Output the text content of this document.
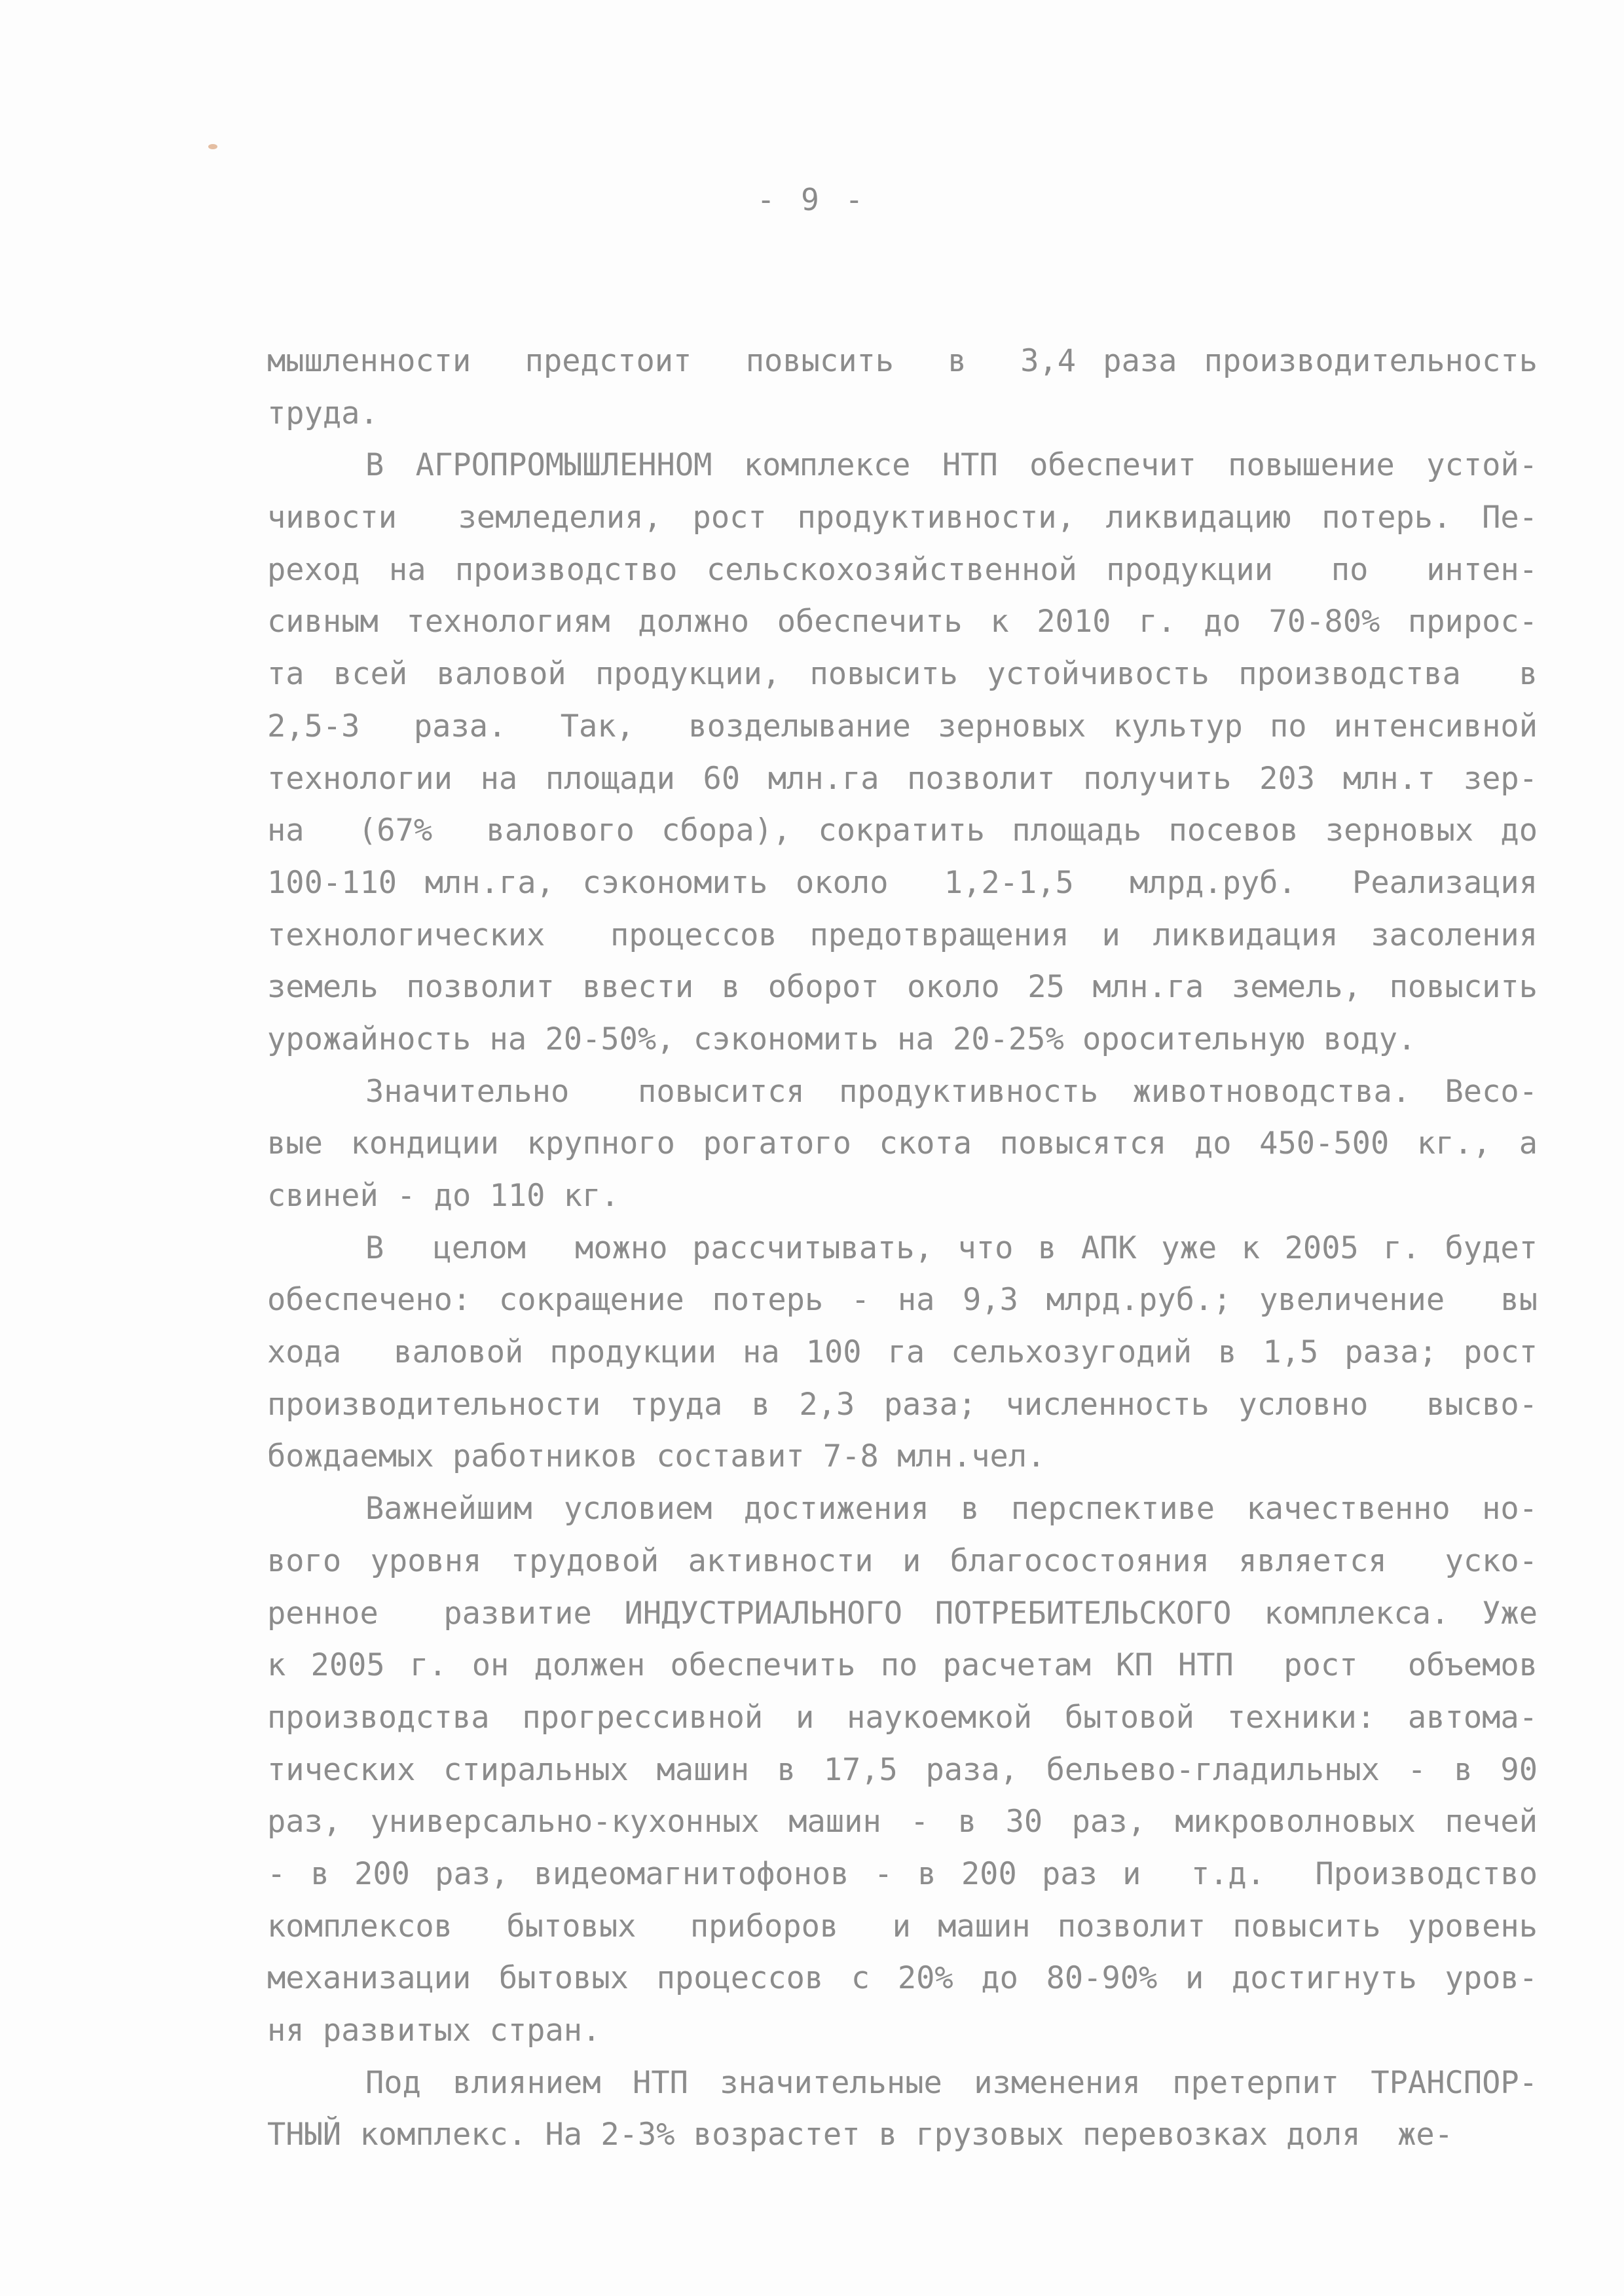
- 9 -
мышленности  предстоит  повысить  в  3,4 раза производительность
труда.
В АГРОПРОМЫШЛЕННОМ комплексе НТП обеспечит повышение устой-
чивости  земледелия, рост продуктивности, ликвидацию потерь. Пе-
реход на производство сельскохозяйственной продукции  по  интен-
сивным технологиям должно обеспечить к 2010 г. до 70-80% прирос-
та всей валовой продукции, повысить устойчивость производства  в
2,5-3  раза.  Так,  возделывание зерновых культур по интенсивной
технологии на площади 60 млн.га позволит получить 203 млн.т зер-
на  (67%  валового сбора), сократить площадь посевов зерновых до
100-110 млн.га, сэкономить около  1,2-1,5  млрд.руб.  Реализация
технологических  процессов предотвращения и ликвидация засоления
земель позволит ввести в оборот около 25 млн.га земель, повысить
урожайность на 20-50%, сэкономить на 20-25% оросительную воду.
Значительно  повысится продуктивность животноводства. Весо-
вые кондиции крупного рогатого скота повысятся до 450-500 кг., а
свиней - до 110 кг.
В  целом  можно рассчитывать, что в АПК уже к 2005 г. будет
обеспечено: сокращение потерь - на 9,3 млрд.руб.; увеличение  вы
хода  валовой продукции на 100 га сельхозугодий в 1,5 раза; рост
производительности труда в 2,3 раза; численность условно  высво-
бождаемых работников составит 7-8 млн.чел.
Важнейшим условием достижения в перспективе качественно но-
вого уровня трудовой активности и благосостояния является  уско-
ренное  развитие ИНДУСТРИАЛЬНОГО ПОТРЕБИТЕЛЬСКОГО комплекса. Уже
к 2005 г. он должен обеспечить по расчетам КП НТП  рост  объемов
производства прогрессивной и наукоемкой бытовой техники: автома-
тических стиральных машин в 17,5 раза, бельево-гладильных - в 90
раз, универсально-кухонных машин - в 30 раз, микроволновых печей
- в 200 раз, видеомагнитофонов - в 200 раз и  т.д.  Производство
комплексов  бытовых  приборов  и машин позволит повысить уровень
механизации бытовых процессов с 20% до 80-90% и достигнуть уров-
ня развитых стран.
Под влиянием НТП значительные изменения претерпит ТРАНСПОР-
ТНЫЙ комплекс. На 2-3% возрастет в грузовых перевозках доля  же-
